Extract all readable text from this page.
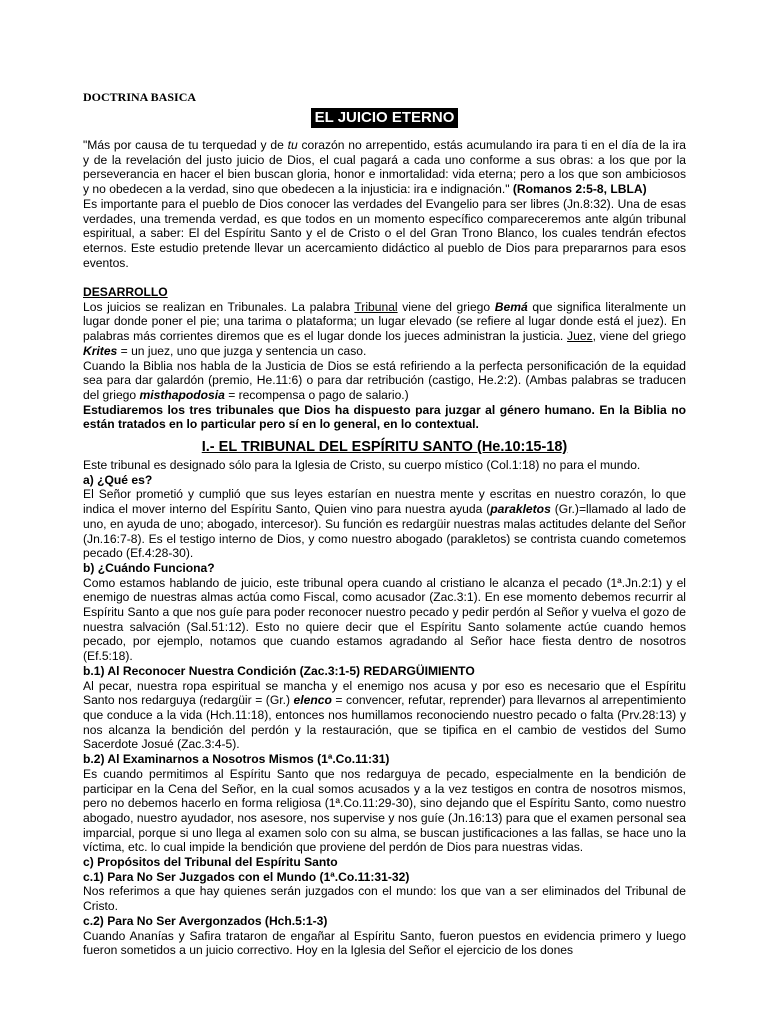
DOCTRINA BASICA

EL JUICIO ETERNO

"Más por causa de tu terquedad y de tu corazón no arrepentido, estás acumulando ira para ti en el día de la ira y de la revelación del justo juicio de Dios, el cual pagará a cada uno conforme a sus obras: a los que por la perseverancia en hacer el bien buscan gloria, honor e inmortalidad: vida eterna; pero a los que son ambiciosos y no obedecen a la verdad, sino que obedecen a la injusticia: ira e indignación." (Romanos 2:5-8, LBLA)

Es importante para el pueblo de Dios conocer las verdades del Evangelio para ser libres (Jn.8:32). Una de esas verdades, una tremenda verdad, es que todos en un momento específico compareceremos ante algún tribunal espiritual, a saber: El del Espíritu Santo y el de Cristo o el del Gran Trono Blanco, los cuales tendrán efectos eternos. Este estudio pretende llevar un acercamiento didáctico al pueblo de Dios para prepararnos para esos eventos.

DESARROLLO

Los juicios se realizan en Tribunales. La palabra Tribunal viene del griego Bemá que significa literalmente un lugar donde poner el pie; una tarima o plataforma; un lugar elevado (se refiere al lugar donde está el juez). En palabras más corrientes diremos que es el lugar donde los jueces administran la justicia. Juez, viene del griego Krites = un juez, uno que juzga y sentencia un caso.

Cuando la Biblia nos habla de la Justicia de Dios se está refiriendo a la perfecta personificación de la equidad sea para dar galardón (premio, He.11:6) o para dar retribución (castigo, He.2:2). (Ambas palabras se traducen del griego misthapodosia = recompensa o pago de salario.)

Estudiaremos los tres tribunales que Dios ha dispuesto para juzgar al género humano. En la Biblia no están tratados en lo particular pero sí en lo general, en lo contextual.

I.- EL TRIBUNAL DEL ESPÍRITU SANTO (He.10:15-18)

Este tribunal es designado sólo para la Iglesia de Cristo, su cuerpo místico (Col.1:18) no para el mundo.

a) ¿Qué es?

El Señor prometió y cumplió que sus leyes estarían en nuestra mente y escritas en nuestro corazón, lo que indica el mover interno del Espíritu Santo, Quien vino para nuestra ayuda (parakletos (Gr.)=llamado al lado de uno, en ayuda de uno; abogado, intercesor). Su función es redargüir nuestras malas actitudes delante del Señor (Jn.16:7-8). Es el testigo interno de Dios, y como nuestro abogado (parakletos) se contrista cuando cometemos pecado (Ef.4:28-30).

b) ¿Cuándo Funciona?

Como estamos hablando de juicio, este tribunal opera cuando al cristiano le alcanza el pecado (1ª.Jn.2:1) y el enemigo de nuestras almas actúa como Fiscal, como acusador (Zac.3:1). En ese momento debemos recurrir al Espíritu Santo a que nos guíe para poder reconocer nuestro pecado y pedir perdón al Señor y vuelva el gozo de nuestra salvación (Sal.51:12). Esto no quiere decir que el Espíritu Santo solamente actúe cuando hemos pecado, por ejemplo, notamos que cuando estamos agradando al Señor hace fiesta dentro de nosotros (Ef.5:18).

b.1) Al Reconocer Nuestra Condición (Zac.3:1-5) REDARGÜIMIENTO

Al pecar, nuestra ropa espiritual se mancha y el enemigo nos acusa y por eso es necesario que el Espíritu Santo nos redarguya (redargüir = (Gr.) elenco = convencer, refutar, reprender) para llevarnos al arrepentimiento que conduce a la vida (Hch.11:18), entonces nos humillamos reconociendo nuestro pecado o falta (Prv.28:13) y nos alcanza la bendición del perdón y la restauración, que se tipifica en el cambio de vestidos del Sumo Sacerdote Josué (Zac.3:4-5).

b.2) Al Examinarnos a Nosotros Mismos (1ª.Co.11:31)

Es cuando permitimos al Espíritu Santo que nos redarguya de pecado, especialmente en la bendición de participar en la Cena del Señor, en la cual somos acusados y a la vez testigos en contra de nosotros mismos, pero no debemos hacerlo en forma religiosa (1ª.Co.11:29-30), sino dejando que el Espíritu Santo, como nuestro abogado, nuestro ayudador, nos asesore, nos supervise y nos guíe (Jn.16:13) para que el examen personal sea imparcial, porque si uno llega al examen solo con su alma, se buscan justificaciones a las fallas, se hace uno la víctima, etc. lo cual impide la bendición que proviene del perdón de Dios para nuestras vidas.

c) Propósitos del Tribunal del Espíritu Santo

c.1) Para No Ser Juzgados con el Mundo (1ª.Co.11:31-32)

Nos referimos a que hay quienes serán juzgados con el mundo: los que van a ser eliminados del Tribunal de Cristo.

c.2) Para No Ser Avergonzados (Hch.5:1-3)

Cuando Ananías y Safira trataron de engañar al Espíritu Santo, fueron puestos en evidencia primero y luego fueron sometidos a un juicio correctivo. Hoy en la Iglesia del Señor el ejercicio de los dones
